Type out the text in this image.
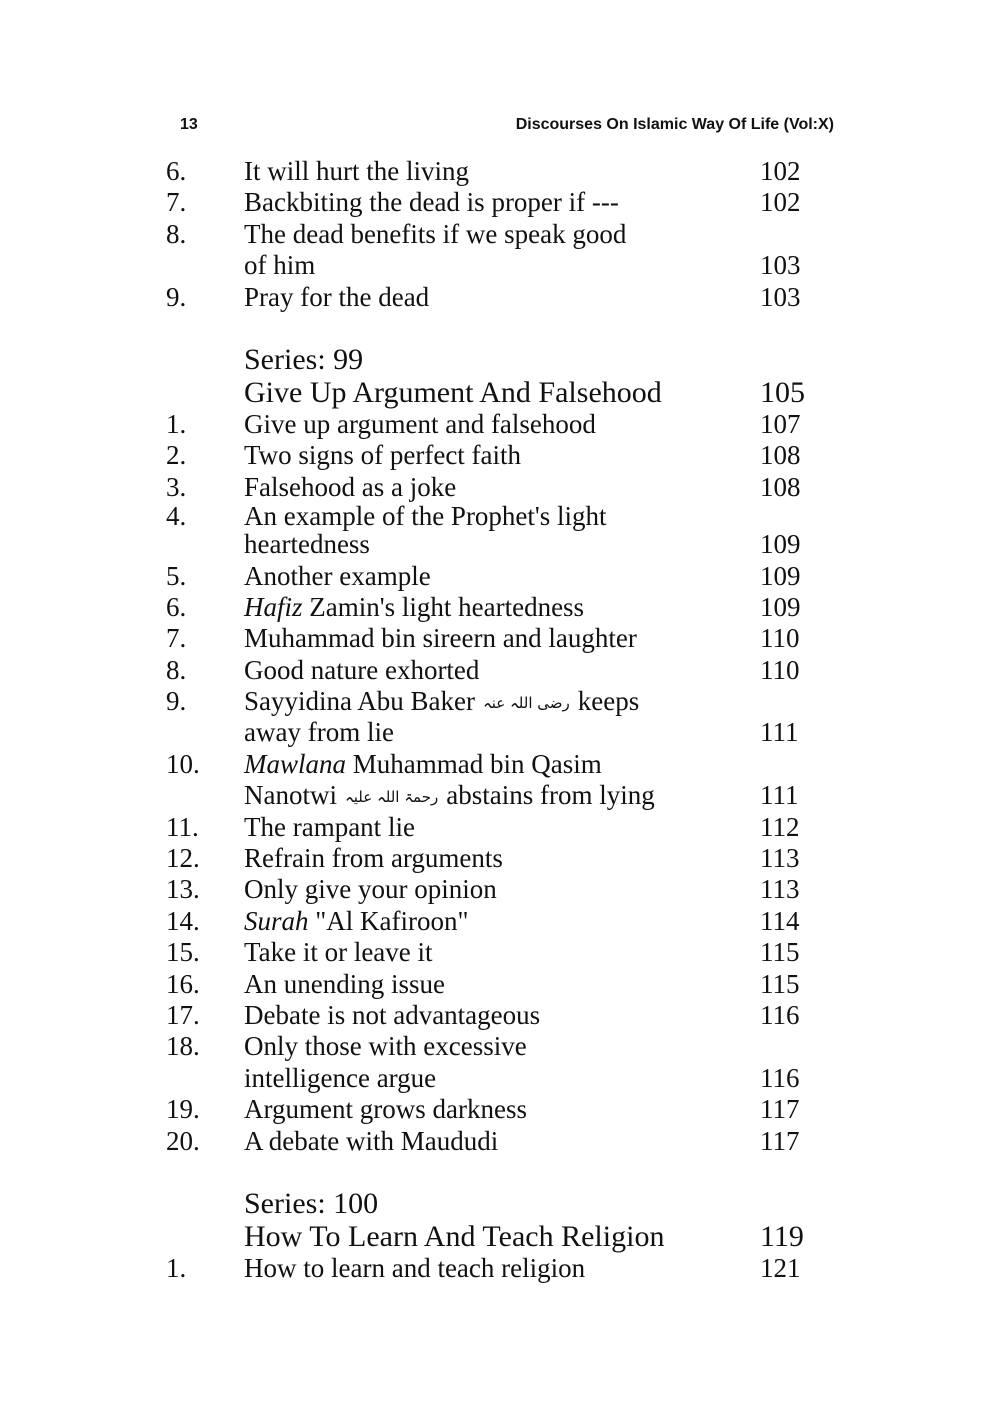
13	Discourses On Islamic Way Of Life (Vol:X)
6. It will hurt the living	102
7. Backbiting the dead is proper if ---	102
8. The dead benefits if we speak good
of him	103
9. Pray for the dead	103
Series: 99
Give Up Argument And Falsehood	105
1. Give up argument and falsehood	107
2. Two signs of perfect faith	108
3. Falsehood as a joke	108
4. An example of the Prophet's light
heartedness	109
5. Another example	109
6. Hafiz Zamin's light heartedness	109
7. Muhammad bin sireern and laughter	110
8. Good nature exhorted	110
9. Sayyidina Abu Baker رضی اللہ عنہ keeps
away from lie	111
10. Mawlana Muhammad bin Qasim
Nanotwi رحمۃ اللہ علیہ abstains from lying	111
11. The rampant lie	112
12. Refrain from arguments	113
13. Only give your opinion	113
14. Surah "Al Kafiroon"	114
15. Take it or leave it	115
16. An unending issue	115
17. Debate is not advantageous	116
18. Only those with excessive
intelligence argue	116
19. Argument grows darkness	117
20. A debate with Maududi	117
Series: 100
How To Learn And Teach Religion	119
1. How to learn and teach religion	121
